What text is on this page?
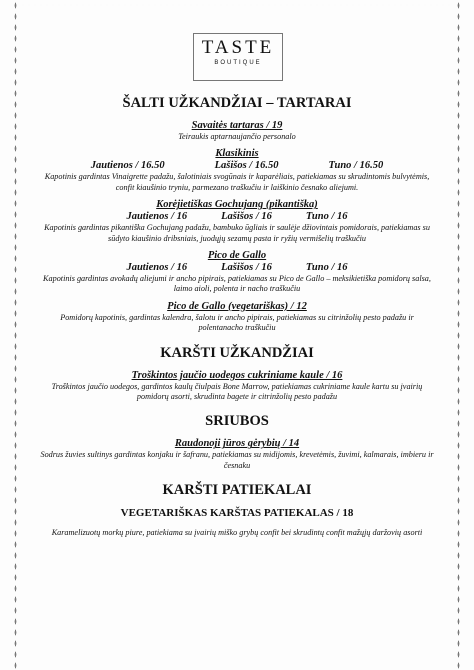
TASTE
BOUTIQUE
ŠALTI UŽKANDŽIAI – TARTARAI
Savaitės tartaras / 19
Teiraukis aptarnaujančio personalo
Klasikinis
Jautienos / 16.50	Lašišos / 16.50	Tuno / 16.50
Kapotinis gardintas Vinaigrette padažu, šalotiniais svogūnais ir kaparėliais, patiekiamas su skrudintomis bulvytėmis, confit kiaušinio tryniu, parmezano traškučiu ir laiškinio česnako aliejumi.
Korėjietiškas Gochujang (pikantiška)
Jautienos / 16	Lašišos / 16	Tuno / 16
Kapotinis gardintas pikantiška Gochujang padažu, bambuko ūgliais ir saulėje džiovintais pomidorais, patiekiamas su sūdyto kiaušinio dribsniais, juodųjų sezamų pasta ir ryžių vermišelių traškučiu
Pico de Gallo
Jautienos / 16	Lašišos / 16	Tuno / 16
Kapotinis gardintas avokadų aliejumi ir ancho pipirais, patiekiamas su Pico de Gallo – meksikietiška pomidorų salsa, laimo aioli, polenta ir nacho traškučiu
Pico de Gallo (vegetariškas) / 12
Pomidorų kapotinis, gardintas kalendra, šalotu ir ancho pipirais, patiekiamas su citrinžolių pesto padažu ir polentanacho traškučiu
KARŠTI UŽKANDŽIAI
Troškintos jaučio uodegos cukriniame kaule / 16
Troškintos jaučio uodegos, gardintos kaulų čiulpais Bone Marrow, patiekiamas cukriniame kaule kartu su įvairių pomidorų asorti, skrudinta bagete ir citrinžolių pesto padažu
SRIUBOS
Raudonoji jūros gėrybių / 14
Sodrus žuvies sultinys gardintas konjaku ir šafranu, patiekiamas su midijomis, krevetėmis, žuvimi, kalmarais, imbieru ir česnaku
KARŠTI PATIEKALAI
VEGETARIŠKAS KARŠTAS PATIEKALAS / 18
Karamelizuotų morkų piure, patiekiama su įvairių miško grybų confit bei skrudintų confit mažųjų daržovių asorti
